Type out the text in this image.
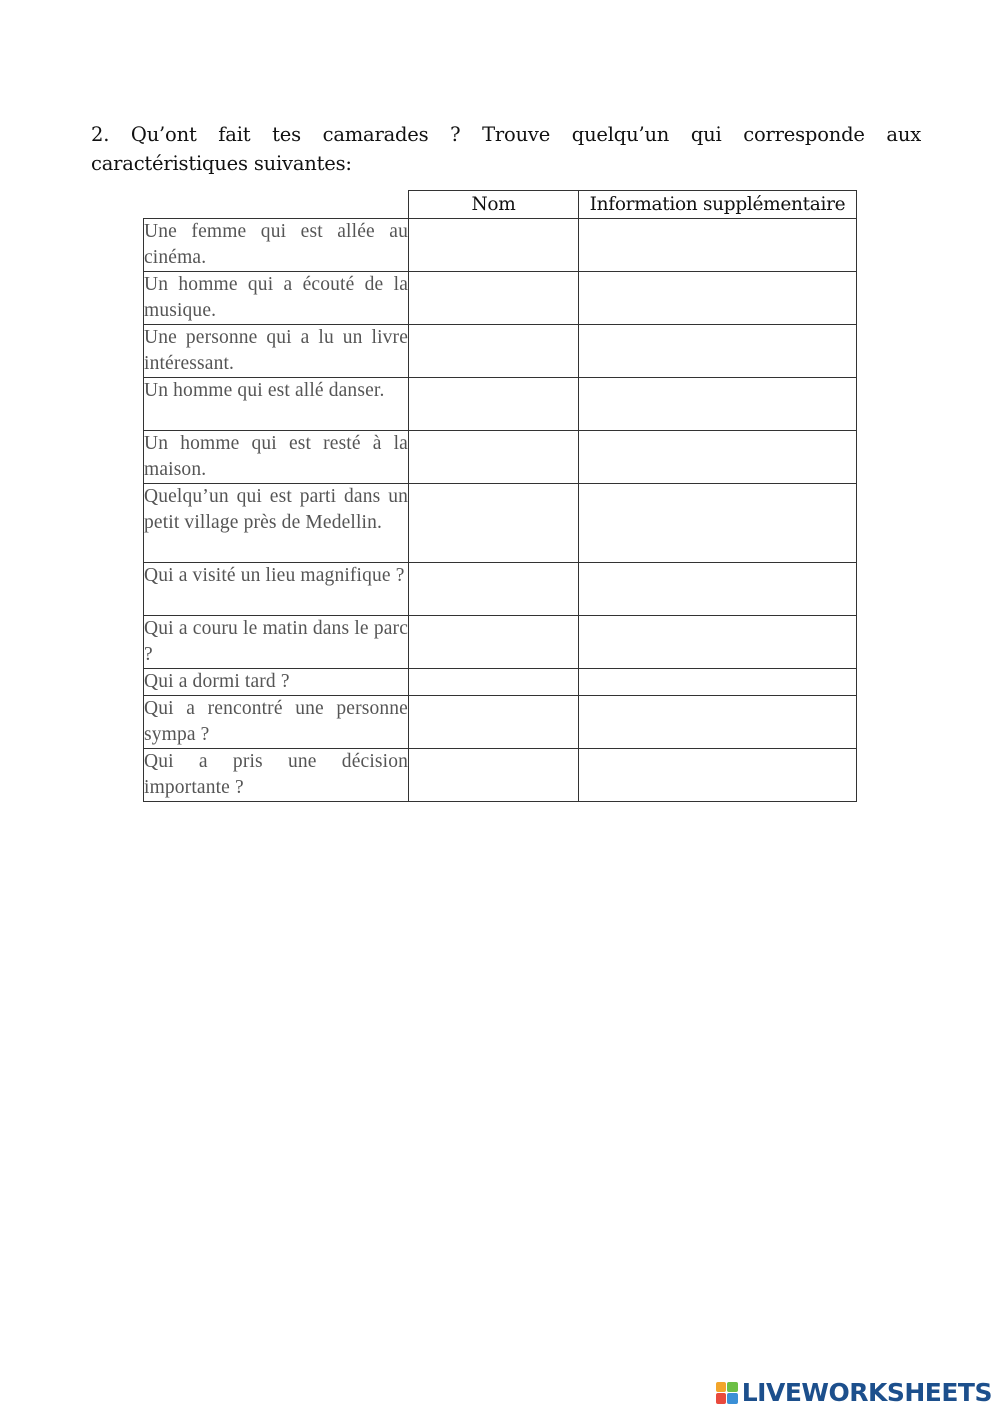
2. Qu’ont fait tes camarades ? Trouve quelqu’un qui corresponde aux caractéristiques suivantes:
	Nom	Information supplémentaire
Une femme qui est allée au cinéma.		
Un homme qui a écouté de la musique.		
Une personne qui a lu un livre intéressant.		
Un homme qui est allé danser.		
Un homme qui est resté à la maison.		
Quelqu’un qui est parti dans un petit village près de Medellin.		
Qui a visité un lieu magnifique ?		
Qui a couru le matin dans le parc ?		
Qui a dormi tard ?		
Qui a rencontré une personne sympa ?		
Qui a pris une décision importante ?		
LIVEWORKSHEETS
